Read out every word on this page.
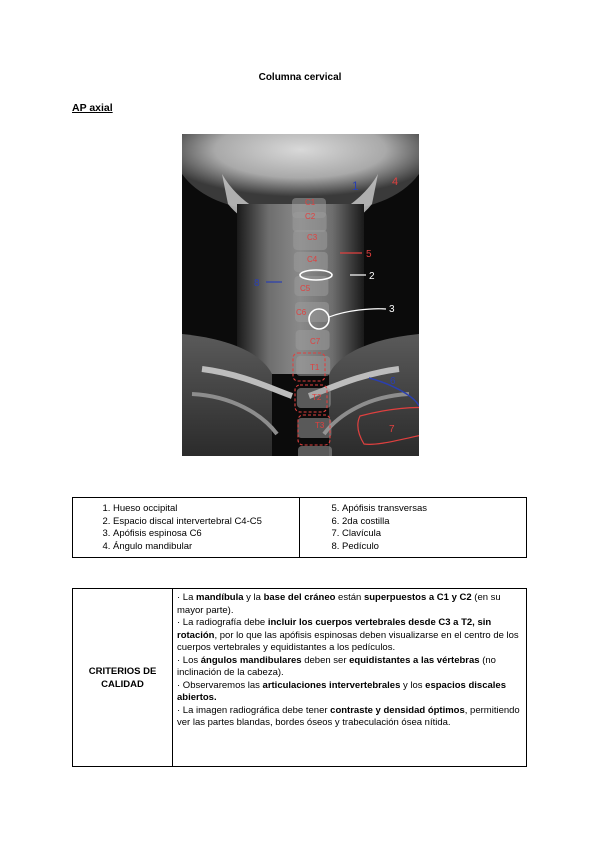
Columna cervical
AP axial
C1
C2
C3
C4
C5
C6
C7
T1
T2
T3
1	4
5
2
3
8
6
7
1. Hueso occipital
2. Espacio discal intervertebral C4-C5
3. Apófisis espinosa C6
4. Ángulo mandibular
5. Apófisis transversas
6. 2da costilla
7. Clavícula
8. Pedículo
CRITERIOS DE CALIDAD

· La mandíbula y la base del cráneo están superpuestos a C1 y C2 (en su mayor parte).

· La radiografía debe incluir los cuerpos vertebrales desde C3 a T2, sin rotación, por lo que las apófisis espinosas deben visualizarse en el centro de los cuerpos vertebrales y equidistantes a los pedículos.

· Los ángulos mandibulares deben ser equidistantes a las vértebras (no inclinación de la cabeza).

· Observaremos las articulaciones intervertebrales y los espacios discales abiertos.

· La imagen radiográfica debe tener contraste y densidad óptimos, permitiendo ver las partes blandas, bordes óseos y trabeculación ósea nítida.
